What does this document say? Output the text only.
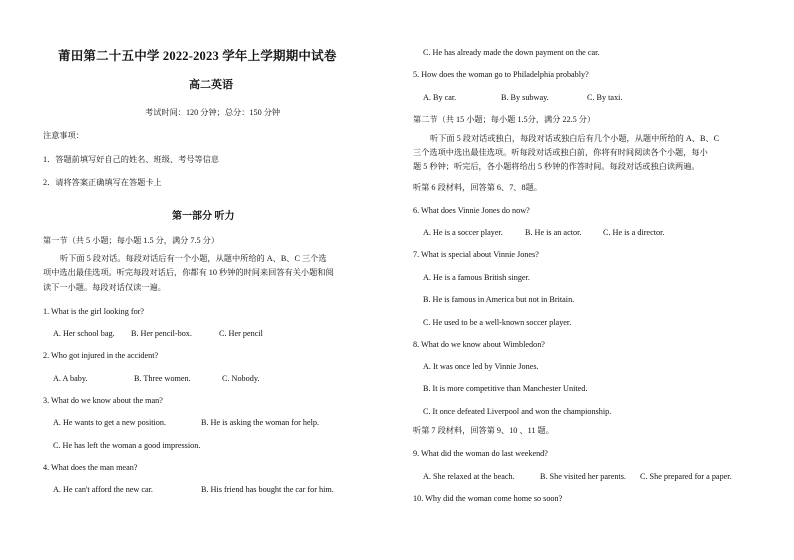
莆田第二十五中学 2022-2023 学年上学期期中试卷
高二英语
考试时间：120 分钟；总分：150 分钟
注意事项：
1．答题前填写好自己的姓名、班级、考号等信息
2．请将答案正确填写在答题卡上
第一部分 听力
第一节（共 5 小题；每小题 1.5 分，满分 7.5 分）
听下面 5 段对话。每段对话后有一个小题，从题中所给的 A、B、C 三个选
项中选出最佳选项。听完每段对话后，你都有 10 秒钟的时间来回答有关小题和阅
读下一小题。每段对话仅读一遍。
1. What is the girl looking for?
A. Her school bag. B. Her pencil-box.	C. Her pencil
2. Who got injured in the accident?
A. A baby.	B. Three women.	C. Nobody.
3. What do we know about the man?
A. He wants to get a new position.	B. He is asking the woman for help.
C. He has left the woman a good impression.
4. What does the man mean?
A. He can't afford the new car.	B. His friend has bought the car for him.
C. He has already made the down payment on the car.
5. How does the woman go to Philadelphia probably?
A. By car.	B. By subway.	C. By taxi.
第二节（共 15 小题；每小题 1.5分，满分 22.5 分）
听下面 5 段对话或独白，每段对话或独白后有几个小题，从题中所给的 A、B、C
三个选项中选出最佳选项。听每段对话或独白前，你将有时间阅读各个小题，每小
题 5 秒钟；听完后，各小题将给出 5 秒钟的作答时间。每段对话或独白读两遍。
听第 6 段材料，回答第 6、7、8题。
6. What does Vinnie Jones do now?
A. He is a soccer player.	B. He is an actor.	C. He is a director.
7. What is special about Vinnie Jones?
A. He is a famous British singer.
B. He is famous in America but not in Britain.
C. He used to be a well-known soccer player.
8. What do we know about Wimbledon?
A. It was once led by Vinnie Jones.
B. It is more competitive than Manchester United.
C. It once defeated Liverpool and won the championship.
听第 7 段材料，回答第 9、10 、11 题。
9. What did the woman do last weekend?
A. She relaxed at the beach.	B. She visited her parents. C. She prepared for a paper.
10. Why did the woman come home so soon?
